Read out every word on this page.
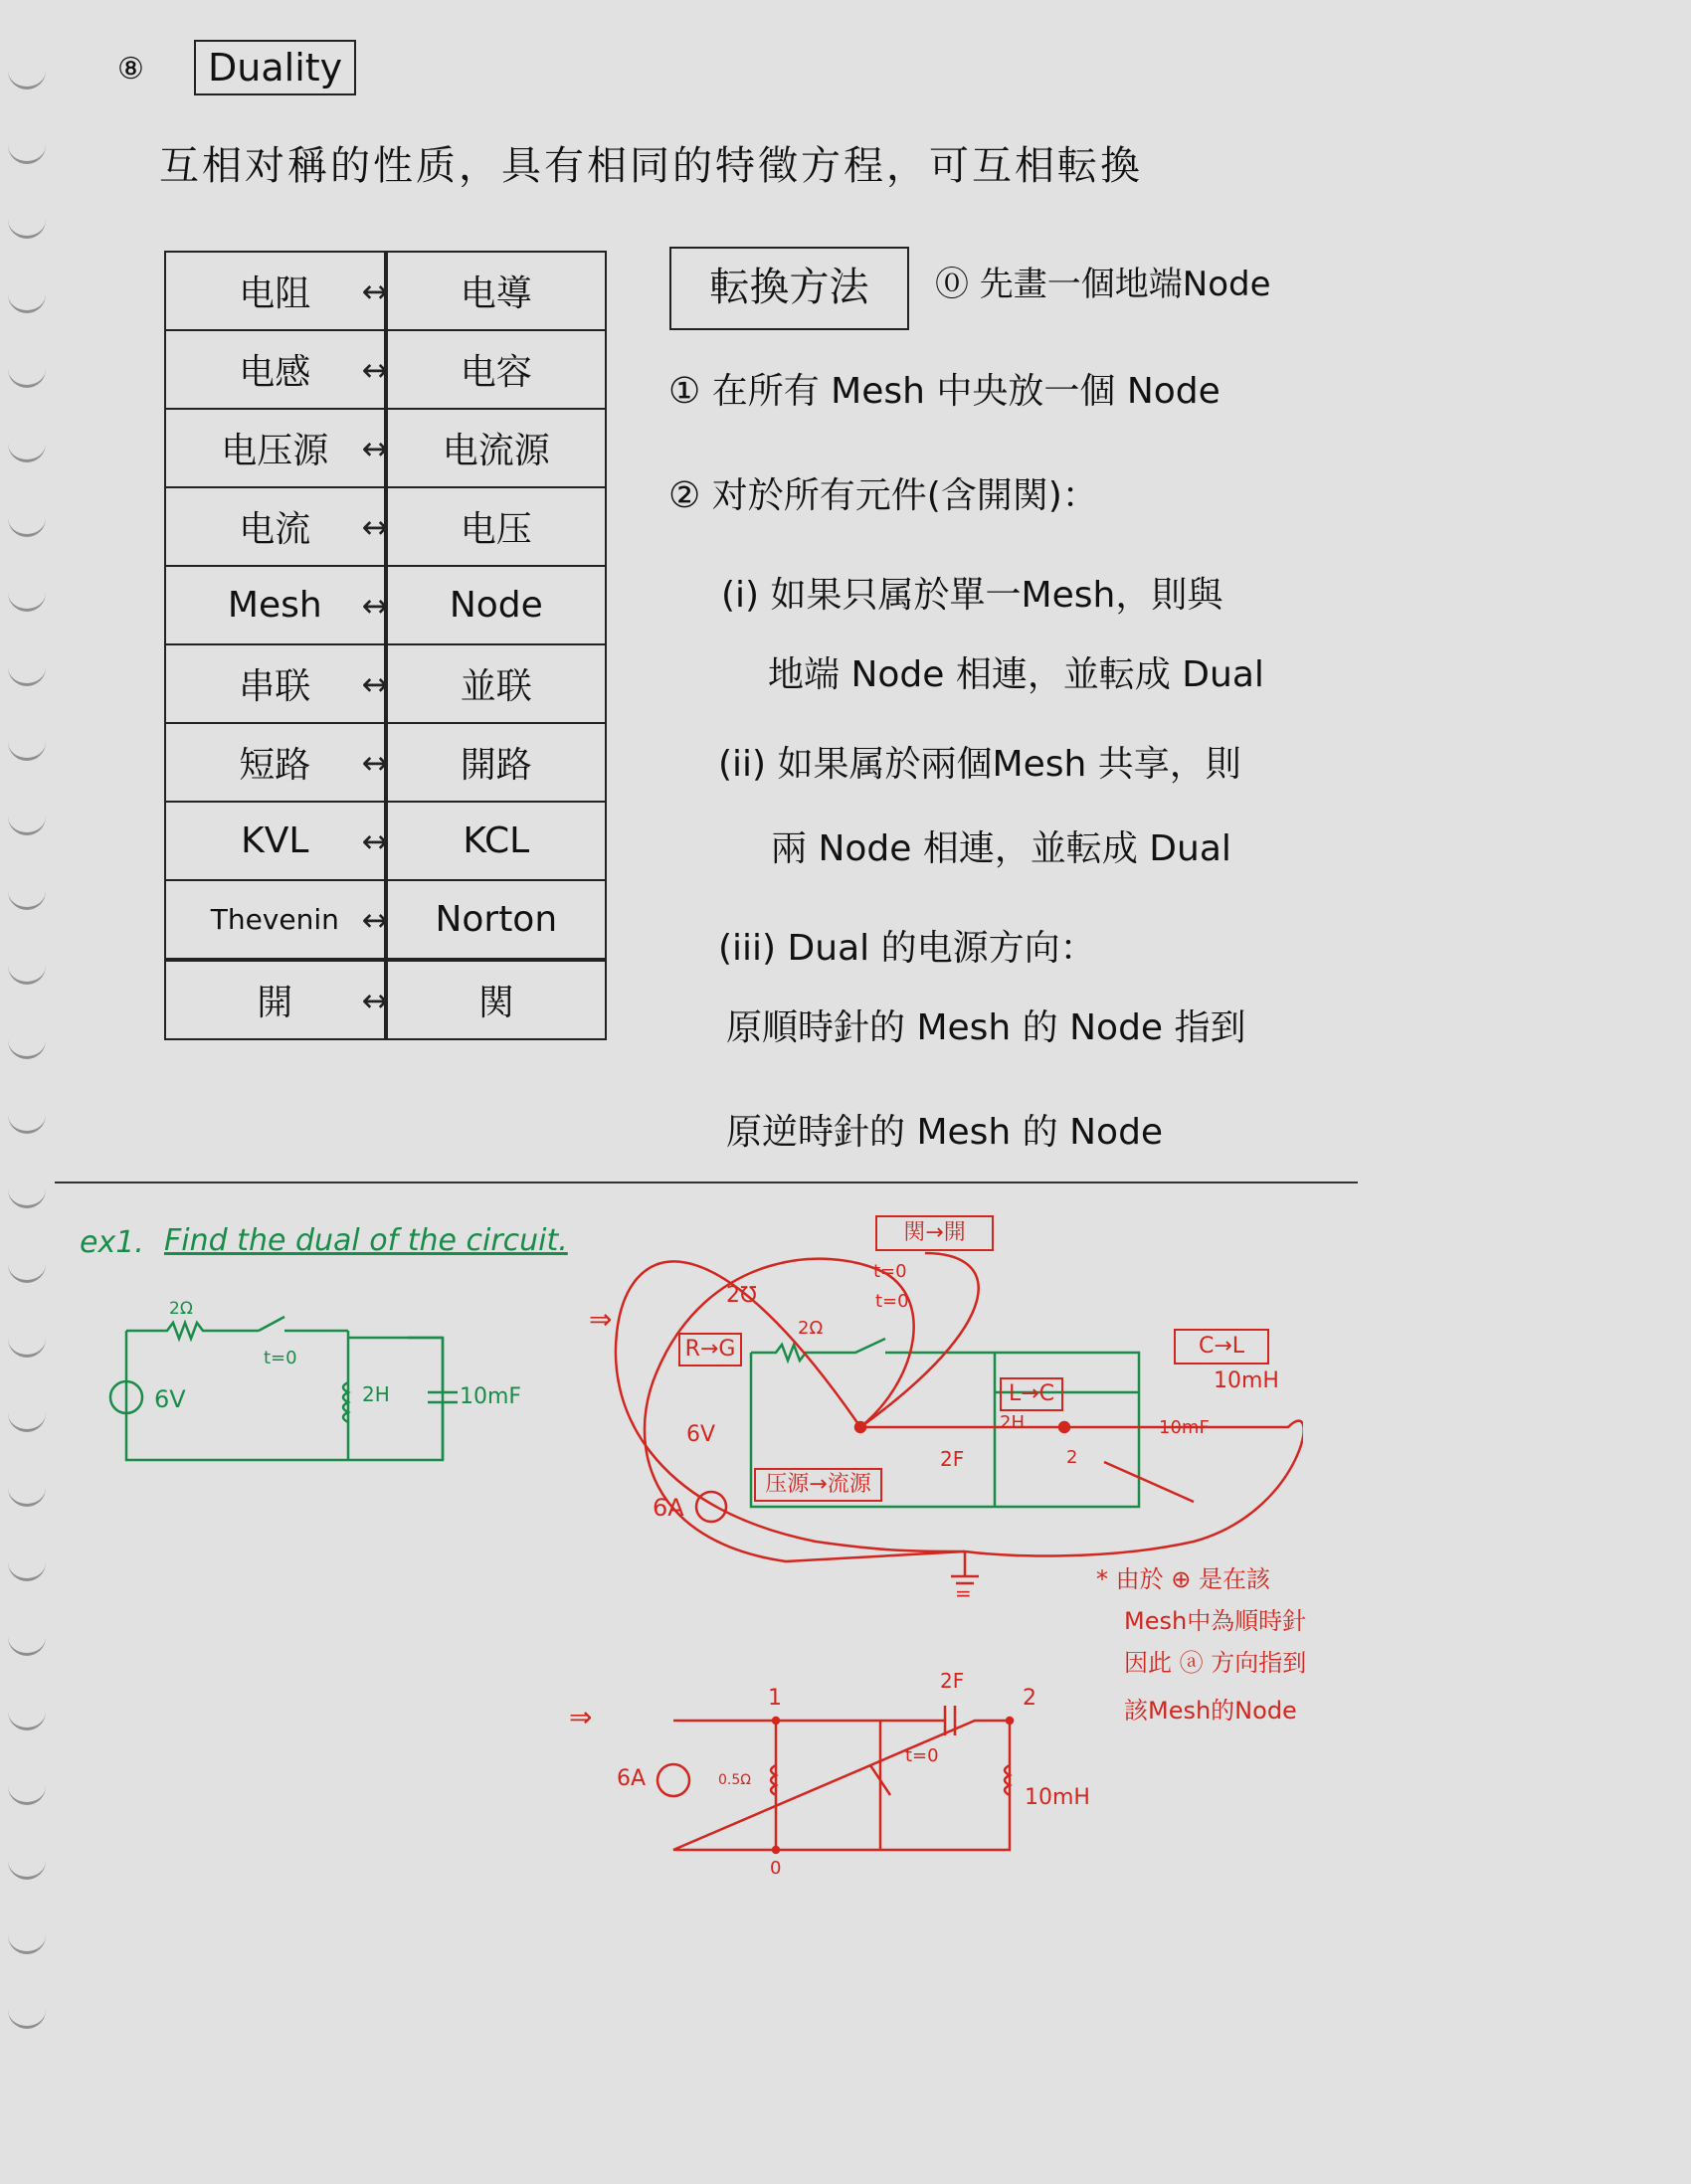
⑧	Duality
互相对稱的性质，具有相同的特徵方程，可互相転換
电阻	↔	电導
电感	↔	电容
电压源	↔	电流源
电流	↔	电压
Mesh	↔	Node
串联	↔	並联
短路	↔	開路
KVL	↔	KCL
Thevenin	↔	Norton
開	↔	関
転換方法	⓪ 先畫一個地端Node
① 在所有 Mesh 中央放一個 Node
② 对於所有元件(含開関)：
(i) 如果只属於單一Mesh，則與
地端 Node 相連，並転成 Dual
(ii) 如果属於兩個Mesh 共享，則
兩 Node 相連，並転成 Dual
(iii) Dual 的电源方向：
原順時針的 Mesh 的 Node 指到
原逆時針的 Mesh 的 Node
ex1. Find the dual of the circuit.
2Ω
t=0
6V	2H	10mF
⇒
関→開
R→G
L→C
C→L
压源→流源
2℧
2Ω
t=0
t=0
6V
6A
2F
2H	10mF
10mH
2
=	* 由於 ⊕ 是在該
Mesh中為順時針
因此 ⓐ 方向指到
該Mesh的Node
⇒
6A	0.5Ω
t=0
2F
10mH
1	2
0
